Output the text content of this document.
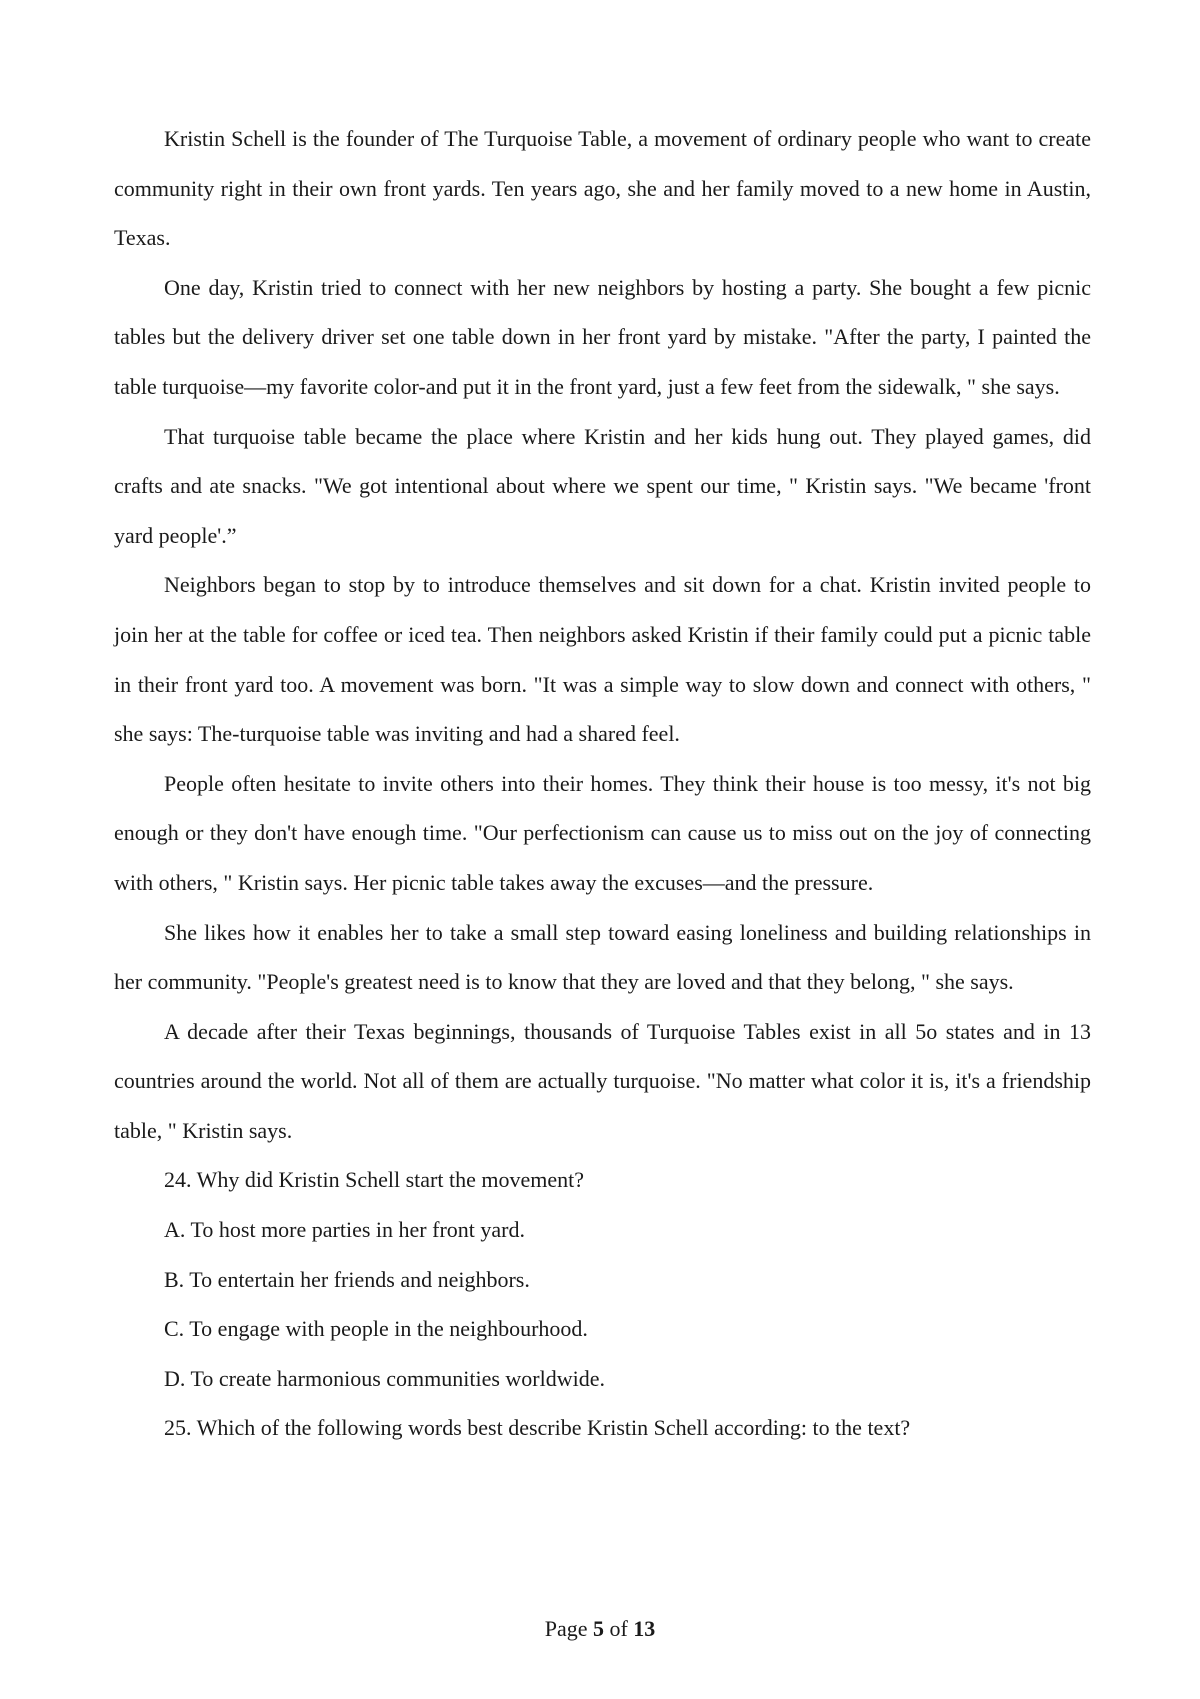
Kristin Schell is the founder of The Turquoise Table, a movement of ordinary people who want to create community right in their own front yards. Ten years ago, she and her family moved to a new home in Austin, Texas.

One day, Kristin tried to connect with her new neighbors by hosting a party. She bought a few picnic tables but the delivery driver set one table down in her front yard by mistake. "After the party, I painted the table turquoise—my favorite color-and put it in the front yard, just a few feet from the sidewalk, " she says.

That turquoise table became the place where Kristin and her kids hung out. They played games, did crafts and ate snacks. "We got intentional about where we spent our time, " Kristin says. "We became 'front yard people'.”

Neighbors began to stop by to introduce themselves and sit down for a chat. Kristin invited people to join her at the table for coffee or iced tea. Then neighbors asked Kristin if their family could put a picnic table in their front yard too. A movement was born. "It was a simple way to slow down and connect with others, " she says: The-turquoise table was inviting and had a shared feel.

People often hesitate to invite others into their homes. They think their house is too messy, it's not big enough or they don't have enough time. "Our perfectionism can cause us to miss out on the joy of connecting with others, " Kristin says. Her picnic table takes away the excuses—and the pressure.

She likes how it enables her to take a small step toward easing loneliness and building relationships in her community. "People's greatest need is to know that they are loved and that they belong, " she says.

A decade after their Texas beginnings, thousands of Turquoise Tables exist in all 5o states and in 13 countries around the world. Not all of them are actually turquoise. "No matter what color it is, it's a friendship table, " Kristin says.

24. Why did Kristin Schell start the movement?

A. To host more parties in her front yard.

B. To entertain her friends and neighbors.

C. To engage with people in the neighbourhood.

D. To create harmonious communities worldwide.

25. Which of the following words best describe Kristin Schell according: to the text?

Page 5 of 13
